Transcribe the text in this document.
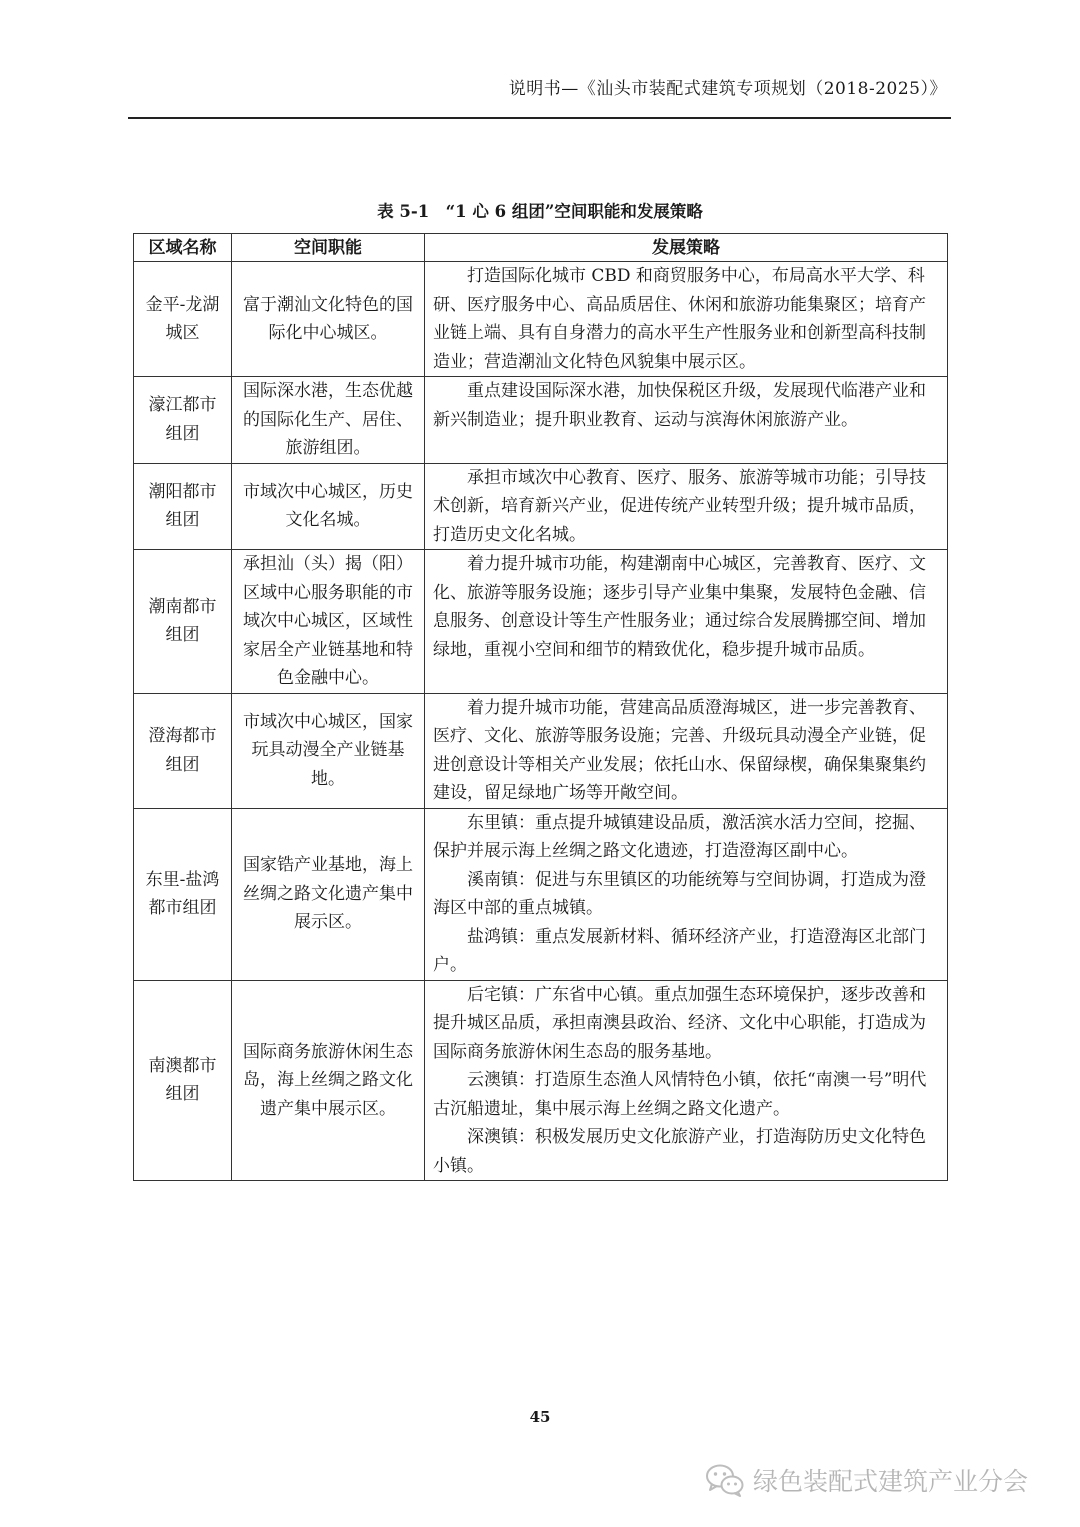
说明书—《汕头市装配式建筑专项规划（2018-2025）》
表 5-1　“1 心 6 组团”空间职能和发展策略
区域名称	空间职能	发展策略
金平-龙湖城区	富于潮汕文化特色的国际化中心城区。	打造国际化城市 CBD 和商贸服务中心，布局高水平大学、科研、医疗服务中心、高品质居住、休闲和旅游功能集聚区；培育产业链上端、具有自身潜力的高水平生产性服务业和创新型高科技制造业；营造潮汕文化特色风貌集中展示区。

濠江都市组团	国际深水港，生态优越的国际化生产、居住、旅游组团。	重点建设国际深水港，加快保税区升级，发展现代临港产业和新兴制造业；提升职业教育、运动与滨海休闲旅游产业。

潮阳都市组团	市域次中心城区，历史文化名城。	承担市域次中心教育、医疗、服务、旅游等城市功能；引导技术创新，培育新兴产业，促进传统产业转型升级；提升城市品质，打造历史文化名城。

潮南都市组团	承担汕（头）揭（阳）区域中心服务职能的市域次中心城区，区域性家居全产业链基地和特色金融中心。	着力提升城市功能，构建潮南中心城区，完善教育、医疗、文化、旅游等服务设施；逐步引导产业集中集聚，发展特色金融、信息服务、创意设计等生产性服务业；通过综合发展腾挪空间、增加绿地，重视小空间和细节的精致优化，稳步提升城市品质。

澄海都市组团	市域次中心城区，国家玩具动漫全产业链基地。	着力提升城市功能，营建高品质澄海城区，进一步完善教育、医疗、文化、旅游等服务设施；完善、升级玩具动漫全产业链，促进创意设计等相关产业发展；依托山水、保留绿楔，确保集聚集约建设，留足绿地广场等开敞空间。

东里-盐鸿都市组团	国家锆产业基地，海上丝绸之路文化遗产集中展示区。	东里镇：重点提升城镇建设品质，激活滨水活力空间，挖掘、保护并展示海上丝绸之路文化遗迹，打造澄海区副中心。

溪南镇：促进与东里镇区的功能统筹与空间协调，打造成为澄海区中部的重点城镇。

盐鸿镇：重点发展新材料、循环经济产业，打造澄海区北部门户。

南澳都市组团	国际商务旅游休闲生态岛，海上丝绸之路文化遗产集中展示区。	后宅镇：广东省中心镇。重点加强生态环境保护，逐步改善和提升城区品质，承担南澳县政治、经济、文化中心职能，打造成为国际商务旅游休闲生态岛的服务基地。

云澳镇：打造原生态渔人风情特色小镇，依托“南澳一号”明代古沉船遗址，集中展示海上丝绸之路文化遗产。

深澳镇：积极发展历史文化旅游产业，打造海防历史文化特色小镇。

45
绿色装配式建筑产业分会
